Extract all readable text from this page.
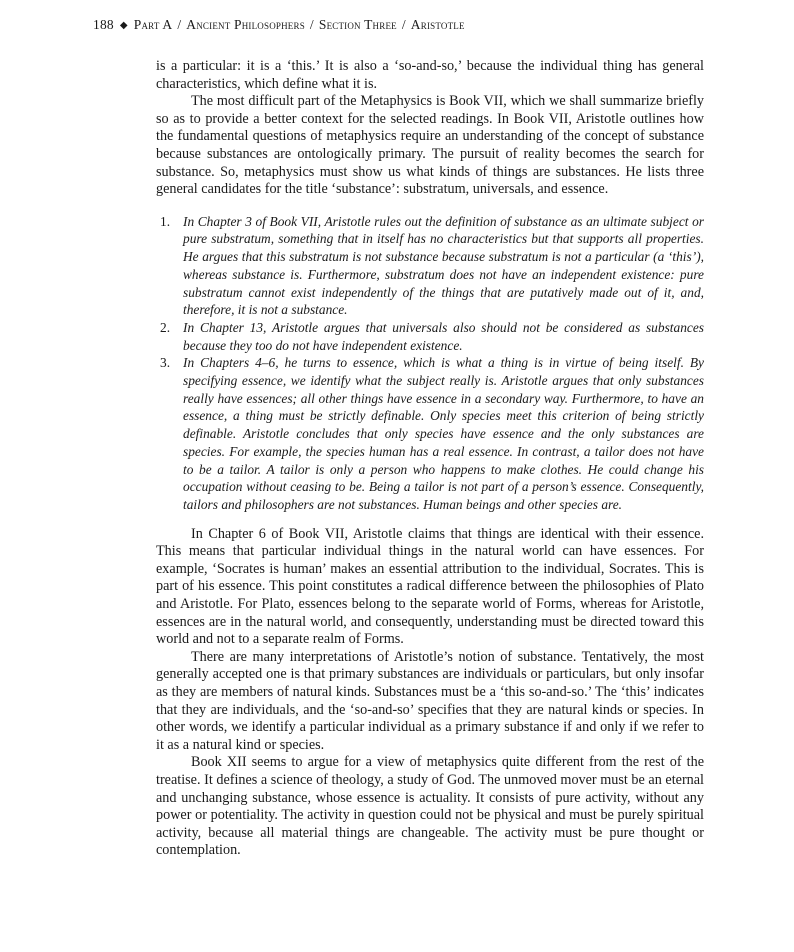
188 ◆ Part A / Ancient Philosophers / Section Three / Aristotle

is a particular: it is a ‘this.’ It is also a ‘so-and-so,’ because the individual thing has general characteristics, which define what it is.

The most difficult part of the Metaphysics is Book VII, which we shall summarize briefly so as to provide a better context for the selected readings. In Book VII, Aristotle outlines how the fundamental questions of metaphysics require an understanding of the concept of substance because substances are ontologically primary. The pursuit of reality becomes the search for substance. So, metaphysics must show us what kinds of things are substances. He lists three general candidates for the title ‘substance’: substratum, universals, and essence.

1. In Chapter 3 of Book VII, Aristotle rules out the definition of substance as an ultimate subject or pure substratum, something that in itself has no characteristics but that supports all properties. He argues that this substratum is not substance because substratum is not a particular (a ‘this’), whereas substance is. Furthermore, substratum does not have an independent existence: pure substratum cannot exist independently of the things that are putatively made out of it, and, therefore, it is not a substance.
2. In Chapter 13, Aristotle argues that universals also should not be considered as substances because they too do not have independent existence.
3. In Chapters 4–6, he turns to essence, which is what a thing is in virtue of being itself. By specifying essence, we identify what the subject really is. Aristotle argues that only substances really have essences; all other things have essence in a secondary way. Furthermore, to have an essence, a thing must be strictly definable. Only species meet this criterion of being strictly definable. Aristotle concludes that only species have essence and the only substances are species. For example, the species human has a real essence. In contrast, a tailor does not have to be a tailor. A tailor is only a person who happens to make clothes. He could change his occupation without ceasing to be. Being a tailor is not part of a person’s essence. Consequently, tailors and philosophers are not substances. Human beings and other species are.

In Chapter 6 of Book VII, Aristotle claims that things are identical with their essence. This means that particular individual things in the natural world can have essences. For example, ‘Socrates is human’ makes an essential attribution to the individual, Socrates. This is part of his essence. This point constitutes a radical difference between the philosophies of Plato and Aristotle. For Plato, essences belong to the separate world of Forms, whereas for Aristotle, essences are in the natural world, and consequently, understanding must be directed toward this world and not to a separate realm of Forms.

There are many interpretations of Aristotle’s notion of substance. Tentatively, the most generally accepted one is that primary substances are individuals or particulars, but only insofar as they are members of natural kinds. Substances must be a ‘this so-and-so.’ The ‘this’ indicates that they are individuals, and the ‘so-and-so’ specifies that they are natural kinds or species. In other words, we identify a particular individual as a primary substance if and only if we refer to it as a natural kind or species.

Book XII seems to argue for a view of metaphysics quite different from the rest of the treatise. It defines a science of theology, a study of God. The unmoved mover must be an eternal and unchanging substance, whose essence is actuality. It consists of pure activity, without any power or potentiality. The activity in question could not be physical and must be purely spiritual activity, because all material things are changeable. The activity must be pure thought or contemplation.
